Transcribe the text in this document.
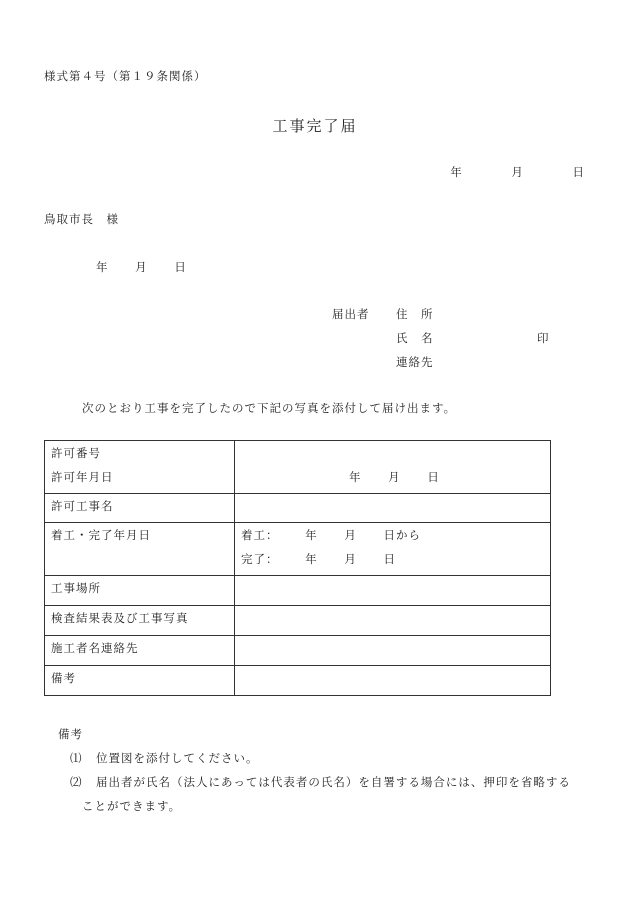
様式第４号（第１９条関係）
工事完了届
年	月	日
鳥取市長　様
年 月 日
届出者 住　所
氏　名	印
連絡先
次のとおり工事を完了したので下記の写真を添付して届け出ます。
許可番号
許可年月日	年 月 日

許可工事名	

着工・完了年月日	着工： 年 月 日から
完了： 年 月 日

工事場所	

検査結果表及び工事写真	

施工者名連絡先	

備考	

備考
⑴ 位置図を添付してください。
⑵ 届出者が氏名（法人にあっては代表者の氏名）を自署する場合には、押印を省略する
ことができます。
